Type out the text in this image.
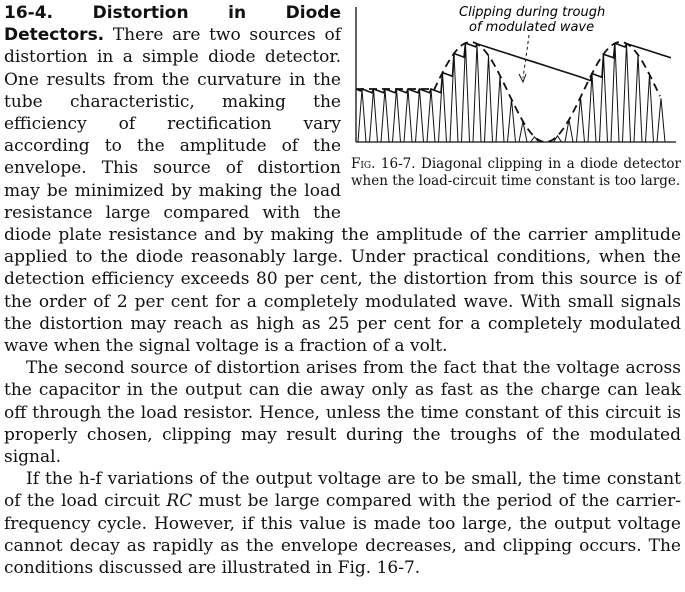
Clipping during trough
of modulated wave
Fig. 16-7. Diagonal clipping in a diode detector when the load-circuit time constant is too large.

16-4. Distortion in Diode Detectors. There are two sources of distortion in a simple diode detector. One results from the curvature in the tube characteristic, making the efficiency of rectification vary according to the amplitude of the envelope. This source of distortion may be minimized by making the load resistance large compared with the diode plate resistance and by making the amplitude of the carrier amplitude applied to the diode reasonably large. Under practical conditions, when the detection efficiency exceeds 80 per cent, the distortion from this source is of the order of 2 per cent for a completely modulated wave. With small signals the distortion may reach as high as 25 per cent for a completely modulated wave when the signal voltage is a fraction of a volt.

The second source of distortion arises from the fact that the voltage across the capacitor in the output can die away only as fast as the charge can leak off through the load resistor. Hence, unless the time constant of this circuit is properly chosen, clipping may result during the troughs of the modulated signal.

If the h-f variations of the output voltage are to be small, the time constant of the load circuit RC must be large compared with the period of the carrier-frequency cycle. However, if this value is made too large, the output voltage cannot decay as rapidly as the envelope decreases, and clipping occurs. The conditions discussed are illustrated in Fig. 16-7.
